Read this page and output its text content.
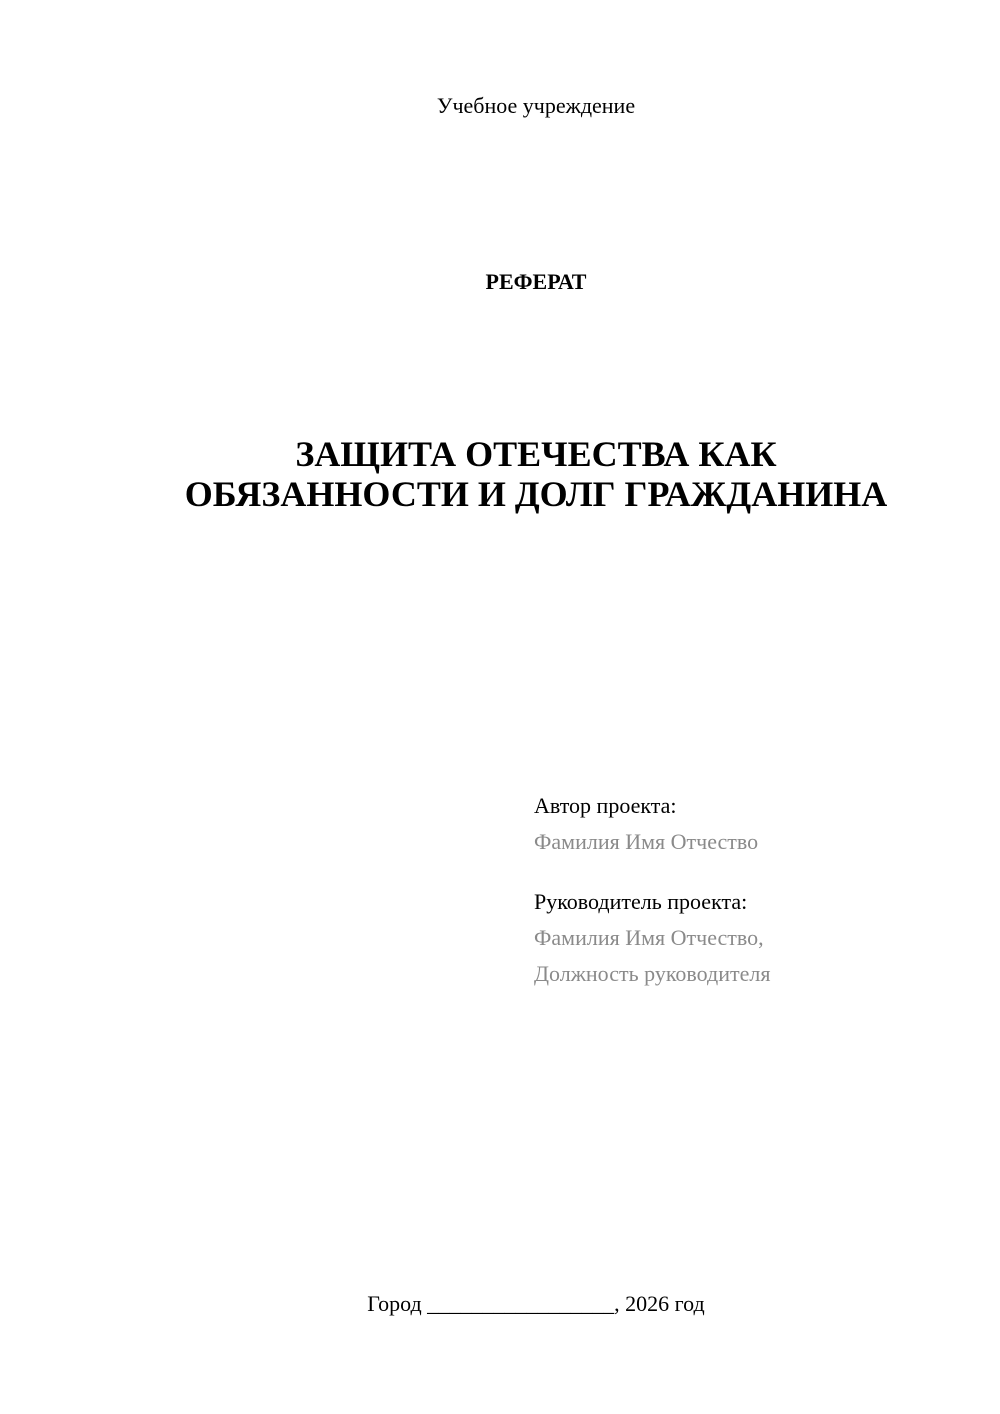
Учебное учреждение
РЕФЕРАТ
ЗАЩИТА ОТЕЧЕСТВА КАК
ОБЯЗАННОСТИ И ДОЛГ ГРАЖДАНИНА
Автор проекта:
Фамилия Имя Отчество
Руководитель проекта:
Фамилия Имя Отчество,
Должность руководителя
Город _________________, 2026 год
